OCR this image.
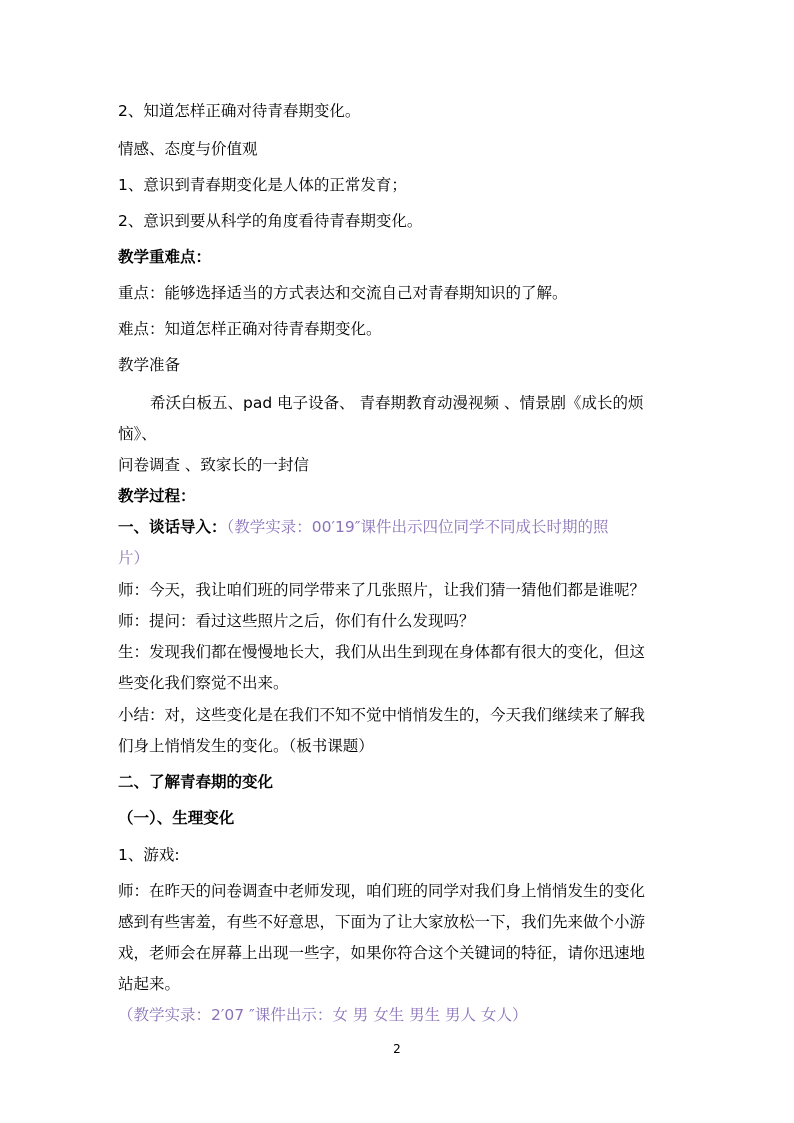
2、知道怎样正确对待青春期变化。
情感、态度与价值观
1、意识到青春期变化是人体的正常发育；
2、意识到要从科学的角度看待青春期变化。
教学重难点：
重点：能够选择适当的方式表达和交流自己对青春期知识的了解。
难点：知道怎样正确对待青春期变化。
教学准备
希沃白板五、pad 电子设备、 青春期教育动漫视频 、情景剧《成长的烦
恼》、
问卷调查 、致家长的一封信
教学过程：
一、谈话导入：（教学实录：00′19″课件出示四位同学不同成长时期的照
片）
师：今天，我让咱们班的同学带来了几张照片，让我们猜一猜他们都是谁呢？
师：提问：看过这些照片之后，你们有什么发现吗？
生：发现我们都在慢慢地长大，我们从出生到现在身体都有很大的变化，但这
些变化我们察觉不出来。
小结：对，这些变化是在我们不知不觉中悄悄发生的，今天我们继续来了解我
们身上悄悄发生的变化。（板书课题）
二、了解青春期的变化
（一）、生理变化
1、游戏:
师：在昨天的问卷调查中老师发现，咱们班的同学对我们身上悄悄发生的变化
感到有些害羞，有些不好意思，下面为了让大家放松一下，我们先来做个小游
戏，老师会在屏幕上出现一些字，如果你符合这个关键词的特征，请你迅速地
站起来。
（教学实录：2′07 ″课件出示：女 男 女生 男生 男人 女人）
2
